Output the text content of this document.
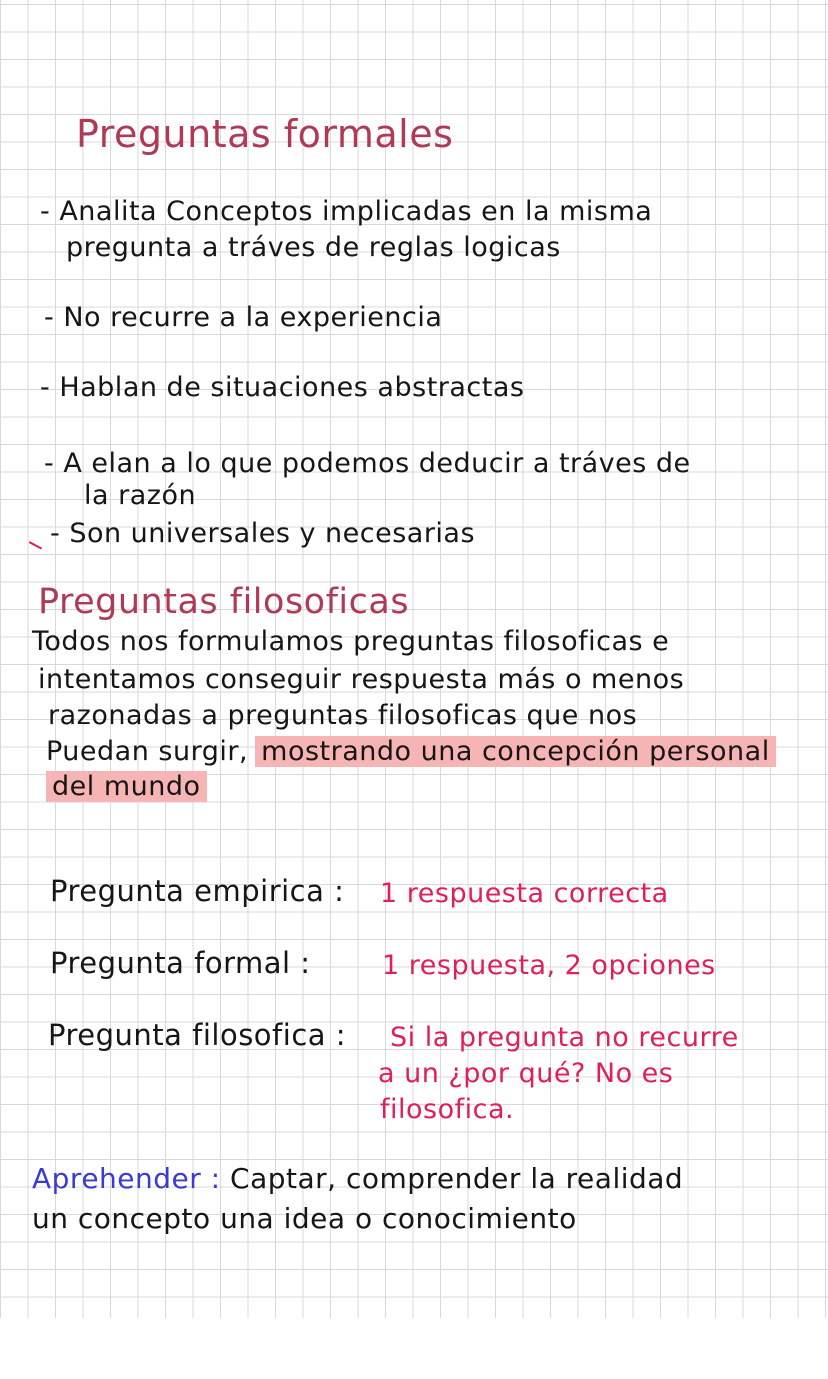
Preguntas formales

- Analita Conceptos implicadas en la misma

pregunta a tráves de reglas logicas

- No recurre a la experiencia

- Hablan de situaciones abstractas

- A elan a lo que podemos deducir a tráves de

la razón

- Son universales y necesarias

Preguntas filosoficas

Todos nos formulamos preguntas filosoficas e

intentamos conseguir respuesta más o menos

razonadas a preguntas filosoficas que nos

Puedan surgir, mostrando una concepción personal

del mundo

Pregunta empirica : 1 respuesta correcta

Pregunta formal :	1 respuesta, 2 opciones

Pregunta filosofica : Si la pregunta no recurre

a un ¿por qué? No es

filosofica.

Aprehender : Captar, comprender la realidad

un concepto una idea o conocimiento
